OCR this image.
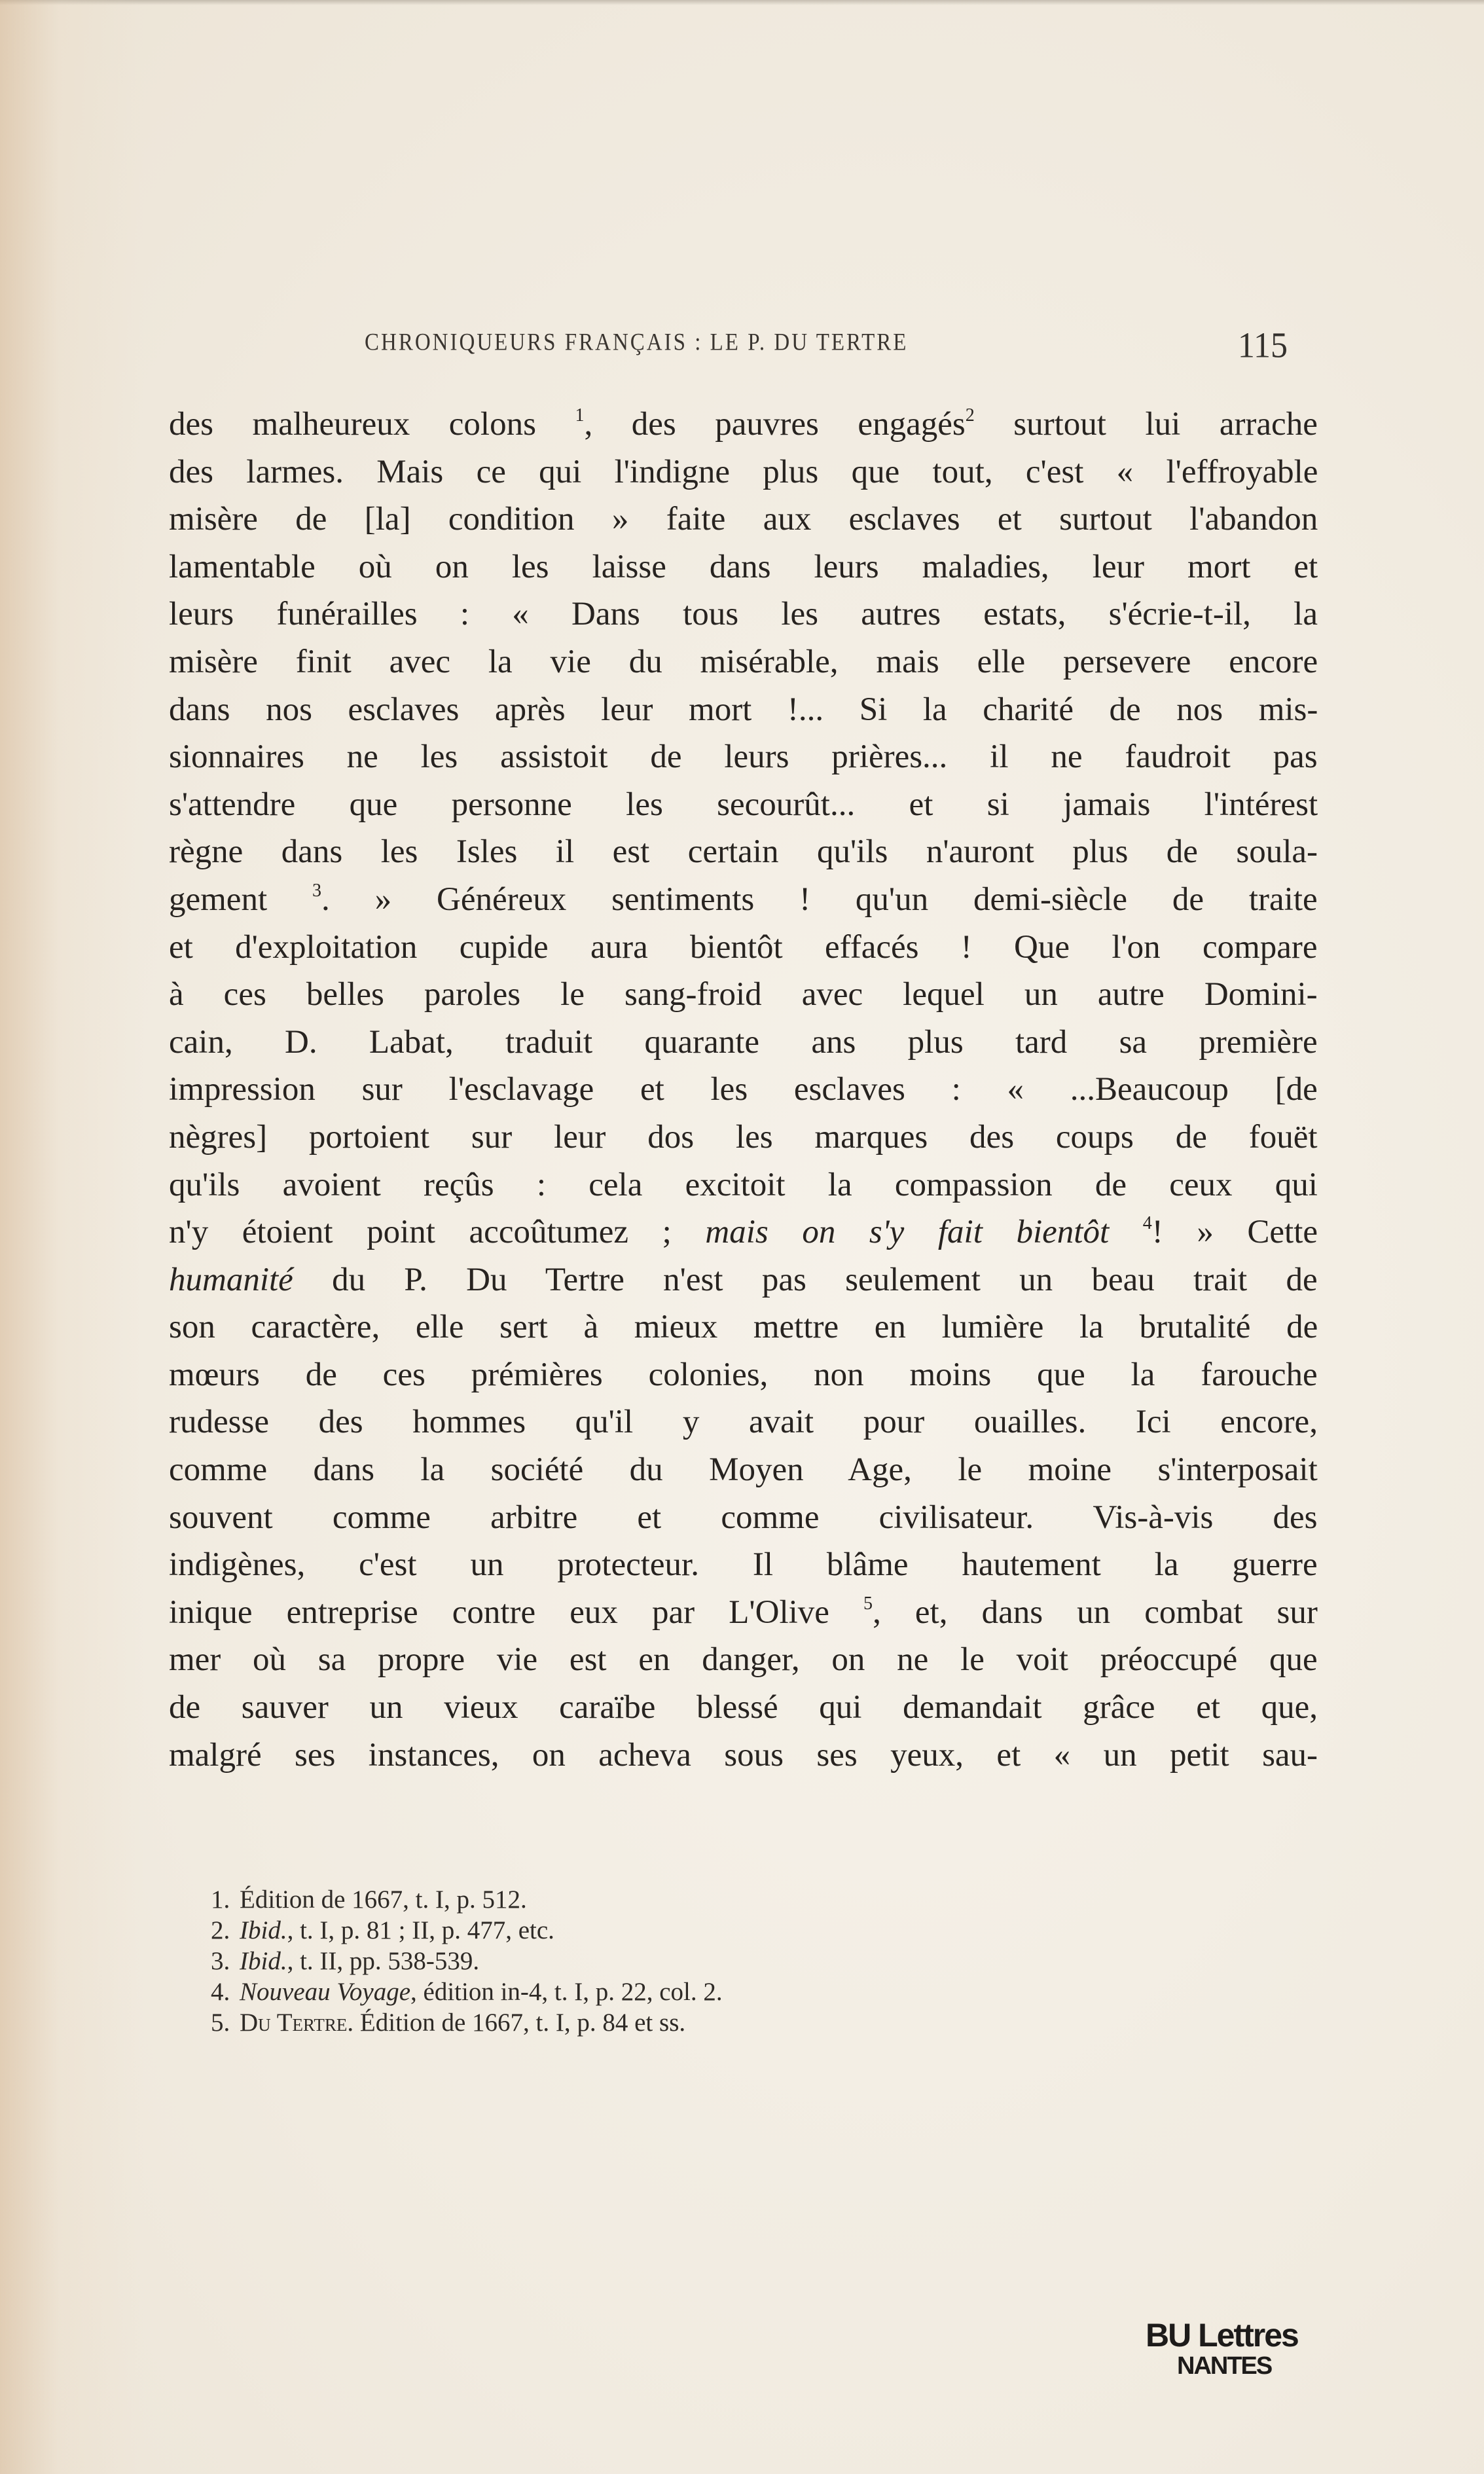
CHRONIQUEURS FRANÇAIS : LE P. DU TERTRE	115
des malheureux colons $^1$, des pauvres engagés$^2$ surtout lui arrache
des larmes. Mais ce qui l'indigne plus que tout, c'est « l'effroyable
misère de [la] condition » faite aux esclaves et surtout l'abandon
lamentable où on les laisse dans leurs maladies, leur mort et
leurs funérailles : « Dans tous les autres estats, s'écrie-t-il, la
misère finit avec la vie du misérable, mais elle persevere encore
dans nos esclaves après leur mort !... Si la charité de nos mis-
sionnaires ne les assistoit de leurs prières... il ne faudroit pas
s'attendre que personne les secourût... et si jamais l'intérest
règne dans les Isles il est certain qu'ils n'auront plus de soula-
gement $^3$. » Généreux sentiments ! qu'un demi-siècle de traite
et d'exploitation cupide aura bientôt effacés ! Que l'on compare
à ces belles paroles le sang-froid avec lequel un autre Domini-
cain, D. Labat, traduit quarante ans plus tard sa première
impression sur l'esclavage et les esclaves : « ...Beaucoup [de
nègres] portoient sur leur dos les marques des coups de fouët
qu'ils avoient reçûs : cela excitoit la compassion de ceux qui
n'y étoient point accoûtumez ; mais on s'y fait bientôt $^4$! » Cette
humanité du P. Du Tertre n'est pas seulement un beau trait de
son caractère, elle sert à mieux mettre en lumière la brutalité de
mœurs de ces prémières colonies, non moins que la farouche
rudesse des hommes qu'il y avait pour ouailles. Ici encore,
comme dans la société du Moyen Age, le moine s'interposait
souvent comme arbitre et comme civilisateur. Vis-à-vis des
indigènes, c'est un protecteur. Il blâme hautement la guerre
inique entreprise contre eux par L'Olive $^5$, et, dans un combat sur
mer où sa propre vie est en danger, on ne le voit préoccupé que
de sauver un vieux caraïbe blessé qui demandait grâce et que,
malgré ses instances, on acheva sous ses yeux, et « un petit sau-
1. Édition de 1667, t. I, p. 512.
2. Ibid., t. I, p. 81 ; II, p. 477, etc.
3. Ibid., t. II, pp. 538-539.
4. Nouveau Voyage, édition in-4, t. I, p. 22, col. 2.
5. Du Tertre. Édition de 1667, t. I, p. 84 et ss.
BU Lettres
NANTES
